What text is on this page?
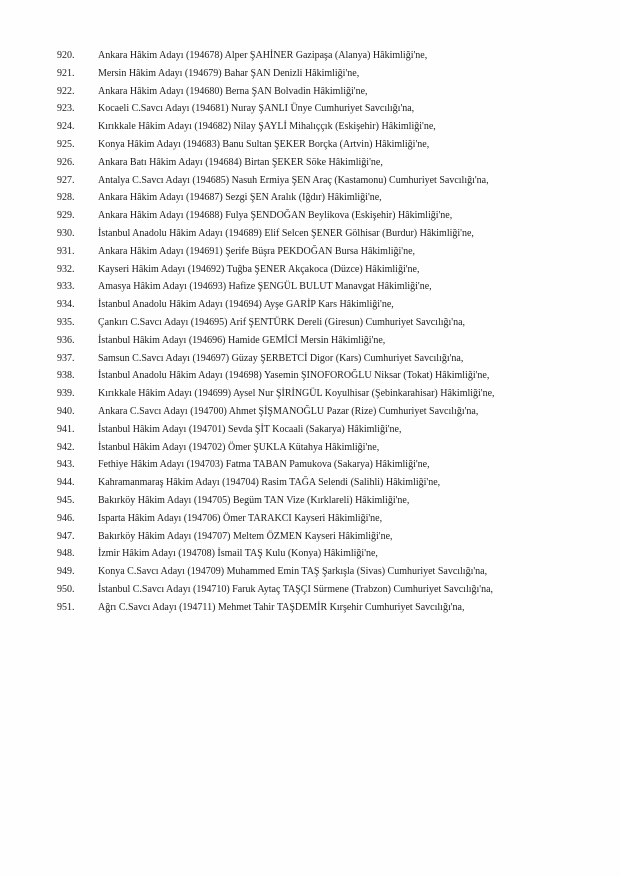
920.	Ankara Hâkim Adayı (194678) Alper ŞAHİNER Gazipaşa (Alanya) Hâkimliği'ne,
921.	Mersin Hâkim Adayı (194679) Bahar ŞAN Denizli Hâkimliği'ne,
922.	Ankara Hâkim Adayı (194680) Berna ŞAN Bolvadin Hâkimliği'ne,
923.	Kocaeli C.Savcı Adayı (194681) Nuray ŞANLI Ünye Cumhuriyet Savcılığı'na,
924.	Kırıkkale Hâkim Adayı (194682) Nilay ŞAYLİ Mihalıççık (Eskişehir) Hâkimliği'ne,
925.	Konya Hâkim Adayı (194683) Banu Sultan ŞEKER Borçka (Artvin) Hâkimliği'ne,
926.	Ankara Batı Hâkim Adayı (194684) Birtan ŞEKER Söke Hâkimliği'ne,
927.	Antalya C.Savcı Adayı (194685) Nasuh Ermiya ŞEN Araç (Kastamonu) Cumhuriyet Savcılığı'na,
928.	Ankara Hâkim Adayı (194687) Sezgi ŞEN Aralık (Iğdır) Hâkimliği'ne,
929.	Ankara Hâkim Adayı (194688) Fulya ŞENDOĞAN Beylikova (Eskişehir) Hâkimliği'ne,
930.	İstanbul Anadolu Hâkim Adayı (194689) Elif Selcen ŞENER Gölhisar (Burdur) Hâkimliği'ne,
931.	Ankara Hâkim Adayı (194691) Şerife Büşra PEKDOĞAN Bursa Hâkimliği'ne,
932.	Kayseri Hâkim Adayı (194692) Tuğba ŞENER Akçakoca (Düzce) Hâkimliği'ne,
933.	Amasya Hâkim Adayı (194693) Hafize ŞENGÜL BULUT Manavgat Hâkimliği'ne,
934.	İstanbul Anadolu Hâkim Adayı (194694) Ayşe GARİP Kars Hâkimliği'ne,
935.	Çankırı C.Savcı Adayı (194695) Arif ŞENTÜRK Dereli (Giresun) Cumhuriyet Savcılığı'na,
936.	İstanbul Hâkim Adayı (194696) Hamide GEMİCİ Mersin Hâkimliği'ne,
937.	Samsun C.Savcı Adayı (194697) Güzay ŞERBETCİ Digor (Kars) Cumhuriyet Savcılığı'na,
938.	İstanbul Anadolu Hâkim Adayı (194698) Yasemin ŞINOFOROĞLU Niksar (Tokat) Hâkimliği'ne,
939.	Kırıkkale Hâkim Adayı (194699) Aysel Nur ŞİRİNGÜL Koyulhisar (Şebinkarahisar) Hâkimliği'ne,
940.	Ankara C.Savcı Adayı (194700) Ahmet ŞİŞMANOĞLU Pazar (Rize) Cumhuriyet Savcılığı'na,
941.	İstanbul Hâkim Adayı (194701) Sevda ŞİT Kocaali (Sakarya) Hâkimliği'ne,
942.	İstanbul Hâkim Adayı (194702) Ömer ŞUKLA Kütahya Hâkimliği'ne,
943.	Fethiye Hâkim Adayı (194703) Fatma TABAN Pamukova (Sakarya) Hâkimliği'ne,
944.	Kahramanmaraş Hâkim Adayı (194704) Rasim TAĞA Selendi (Salihli) Hâkimliği'ne,
945.	Bakırköy Hâkim Adayı (194705) Begüm TAN Vize (Kırklareli) Hâkimliği'ne,
946.	Isparta Hâkim Adayı (194706) Ömer TARAKCI Kayseri Hâkimliği'ne,
947.	Bakırköy Hâkim Adayı (194707) Meltem ÖZMEN Kayseri Hâkimliği'ne,
948.	İzmir Hâkim Adayı (194708) İsmail TAŞ Kulu (Konya) Hâkimliği'ne,
949.	Konya C.Savcı Adayı (194709) Muhammed Emin TAŞ Şarkışla (Sivas) Cumhuriyet Savcılığı'na,
950.	İstanbul C.Savcı Adayı (194710) Faruk Aytaç TAŞÇI Sürmene (Trabzon) Cumhuriyet Savcılığı'na,
951.	Ağrı C.Savcı Adayı (194711) Mehmet Tahir TAŞDEMİR Kırşehir Cumhuriyet Savcılığı'na,
